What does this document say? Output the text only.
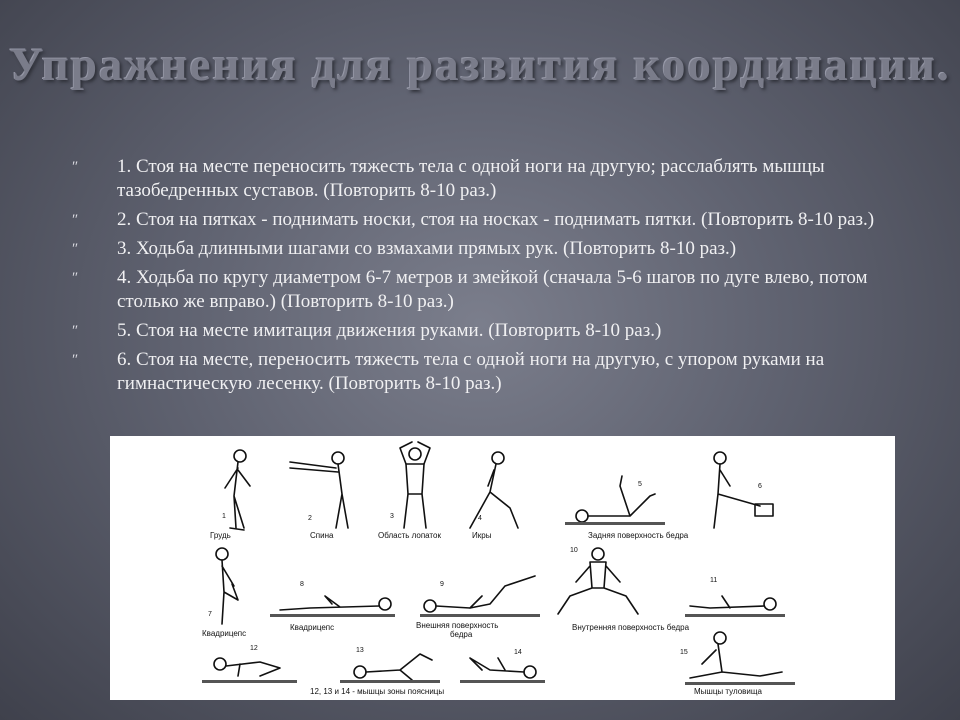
Упражнения для развития координации.
″ 1. Стоя на месте переносить тяжесть тела с одной ноги на другую; расслаблять мышцы тазобедренных суставов. (Повторить 8-10 раз.)
″ 2. Стоя на пятках - поднимать носки, стоя на носках - поднимать пятки. (Повторить 8-10 раз.)
″ 3. Ходьба длинными шагами со взмахами прямых рук. (Повторить 8-10 раз.)
″ 4. Ходьба по кругу диаметром 6-7 метров и змейкой (сначала 5-6 шагов по дуге влево, потом столько же вправо.) (Повторить 8-10 раз.)
″ 5. Стоя на месте имитация движения руками. (Повторить 8-10 раз.)
″ 6. Стоя на месте, переносить тяжесть тела с одной ноги на другую, с упором руками на гимнастическую лесенку. (Повторить 8-10 раз.)
1	2	3	4
5	6
Грудь	Спина	Область лопаток	Икры	Задняя поверхность бедра
7
8	9
10
11
Квадрицепс
Квадрицепс	Внешняя поверхность
бедра
Внутренняя поверхность бедра
12	13	14	15
12, 13 и 14 - мышцы зоны поясницы	Мышцы туловища
